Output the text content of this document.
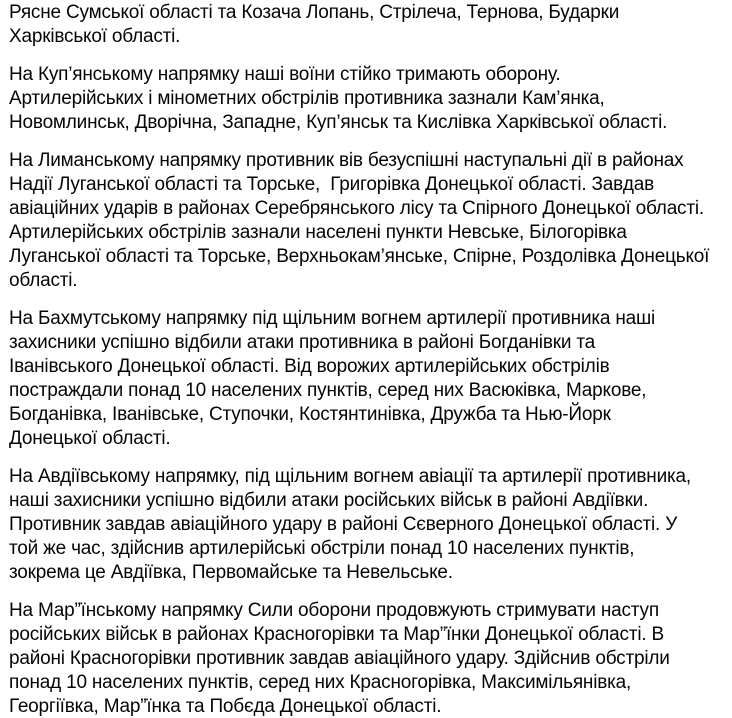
Рясне Сумської області та Козача Лопань, Стрілеча, Тернова, Бударки
Харківської області.
На Куп’янському напрямку наші воїни стійко тримають оборону.
Артилерійських і мінометних обстрілів противника зазнали Кам’янка,
Новомлинськ, Дворічна, Западне, Куп’янськ та Кислівка Харківської області.
На Лиманському напрямку противник вів безуспішні наступальні дії в районах
Надії Луганської області та Торське,  Григорівка Донецької області. Завдав
авіаційних ударів в районах Серебрянського лісу та Спірного Донецької області.
Артилерійських обстрілів зазнали населені пункти Невське, Білогорівка
Луганської області та Торське, Верхньокам’янське, Спірне, Роздолівка Донецької
області.
На Бахмутському напрямку під щільним вогнем артилерії противника наші
захисники успішно відбили атаки противника в районі Богданівки та
Іванівського Донецької області. Від ворожих артилерійських обстрілів
постраждали понад 10 населених пунктів, серед них Васюківка, Маркове,
Богданівка, Іванівське, Ступочки, Костянтинівка, Дружба та Нью-Йорк
Донецької області.
На Авдіївському напрямку, під щільним вогнем авіації та артилерії противника,
наші захисники успішно відбили атаки російських військ в районі Авдіївки.
Противник завдав авіаційного удару в районі Сєверного Донецької області. У
той же час, здійснив артилерійські обстріли понад 10 населених пунктів,
зокрема це Авдіївка, Первомайське та Невельське.
На Мар”їнському напрямку Сили оборони продовжують стримувати наступ
російських військ в районах Красногорівки та Мар”їнки Донецької області. В
районі Красногорівки противник завдав авіаційного удару. Здійснив обстріли
понад 10 населених пунктів, серед них Красногорівка, Максимільянівка,
Георгіївка, Мар”їнка та Побєда Донецької області.
